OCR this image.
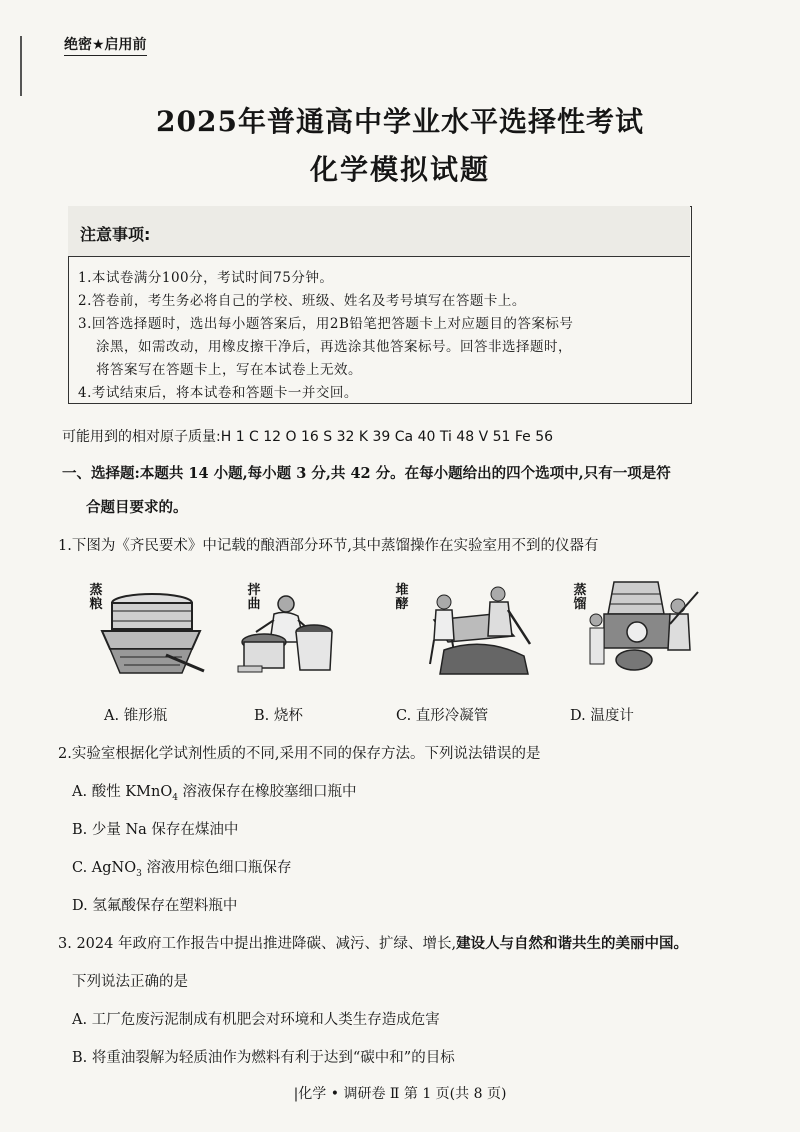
绝密★启用前
2025年普通高中学业水平选择性考试
化学模拟试题
注意事项:
1.本试卷满分100分，考试时间75分钟。
2.答卷前，考生务必将自己的学校、班级、姓名及考号填写在答题卡上。
3.回答选择题时，选出每小题答案后，用2B铅笔把答题卡上对应题目的答案标号
涂黑，如需改动，用橡皮擦干净后，再选涂其他答案标号。回答非选择题时，
将答案写在答题卡上，写在本试卷上无效。
4.考试结束后，将本试卷和答题卡一并交回。
可能用到的相对原子质量:H 1 C 12 O 16 S 32 K 39 Ca 40 Ti 48 V 51 Fe 56
一、选择题:本题共 14 小题,每小题 3 分,共 42 分。在每小题给出的四个选项中,只有一项是符
合题目要求的。
1.下图为《齐民要术》中记载的酿酒部分环节,其中蒸馏操作在实验室用不到的仪器有
蒸粮
拌曲
堆酵
蒸馏
A. 锥形瓶	B. 烧杯	C. 直形冷凝管	D. 温度计
2.实验室根据化学试剂性质的不同,采用不同的保存方法。下列说法错误的是
A. 酸性 KMnO$_4$ 溶液保存在橡胶塞细口瓶中
B. 少量 Na 保存在煤油中
C. AgNO$_3$ 溶液用棕色细口瓶保存
D. 氢氟酸保存在塑料瓶中
3. 2024 年政府工作报告中提出推进降碳、减污、扩绿、增长,建设人与自然和谐共生的美丽中国。
下列说法正确的是
A. 工厂危废污泥制成有机肥会对环境和人类生存造成危害
B. 将重油裂解为轻质油作为燃料有利于达到“碳中和”的目标
|化学 • 调研卷 Ⅱ 第 1 页(共 8 页)
